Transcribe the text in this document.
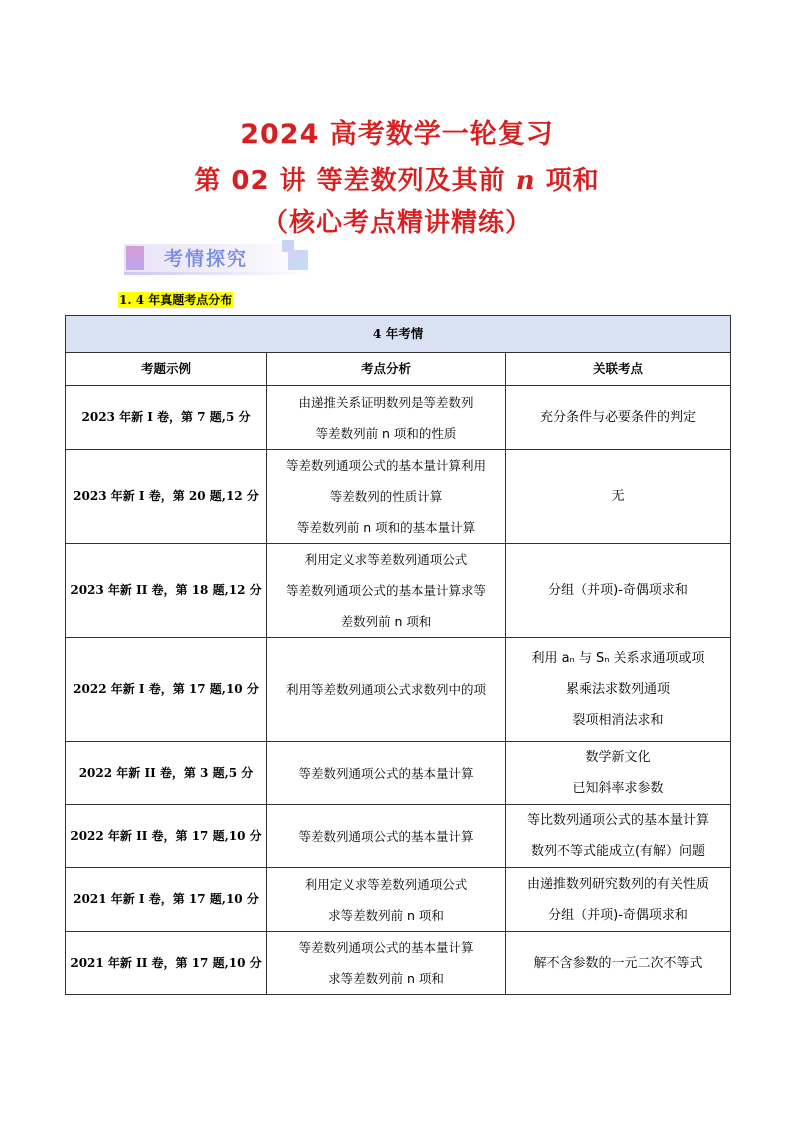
2024 高考数学一轮复习
第 02 讲 等差数列及其前 n 项和
（核心考点精讲精练）
考情探究
1. 4 年真题考点分布
4 年考情		
考题示例	考点分析	关联考点
2023 年新 I 卷，第 7 题,5 分	由递推关系证明数列是等差数列
等差数列前 n 项和的性质	充分条件与必要条件的判定

2023 年新 I 卷，第 20 题,12 分	等差数列通项公式的基本量计算利用
等差数列的性质计算
等差数列前 n 项和的基本量计算	无

2023 年新 II 卷，第 18 题,12 分	利用定义求等差数列通项公式
等差数列通项公式的基本量计算求等
差数列前 n 项和	分组（并项)-奇偶项求和

2022 年新 I 卷，第 17 题,10 分	利用等差数列通项公式求数列中的项	利用 aₙ 与 Sₙ 关系求通项或项
累乘法求数列通项
裂项相消法求和

2022 年新 II 卷，第 3 题,5 分	等差数列通项公式的基本量计算	数学新文化
已知斜率求参数

2022 年新 II 卷，第 17 题,10 分	等差数列通项公式的基本量计算	等比数列通项公式的基本量计算
数列不等式能成立(有解）问题

2021 年新 I 卷，第 17 题,10 分	利用定义求等差数列通项公式
求等差数列前 n 项和	由递推数列研究数列的有关性质
分组（并项)-奇偶项求和

2021 年新 II 卷，第 17 题,10 分	等差数列通项公式的基本量计算
求等差数列前 n 项和	解不含参数的一元二次不等式
